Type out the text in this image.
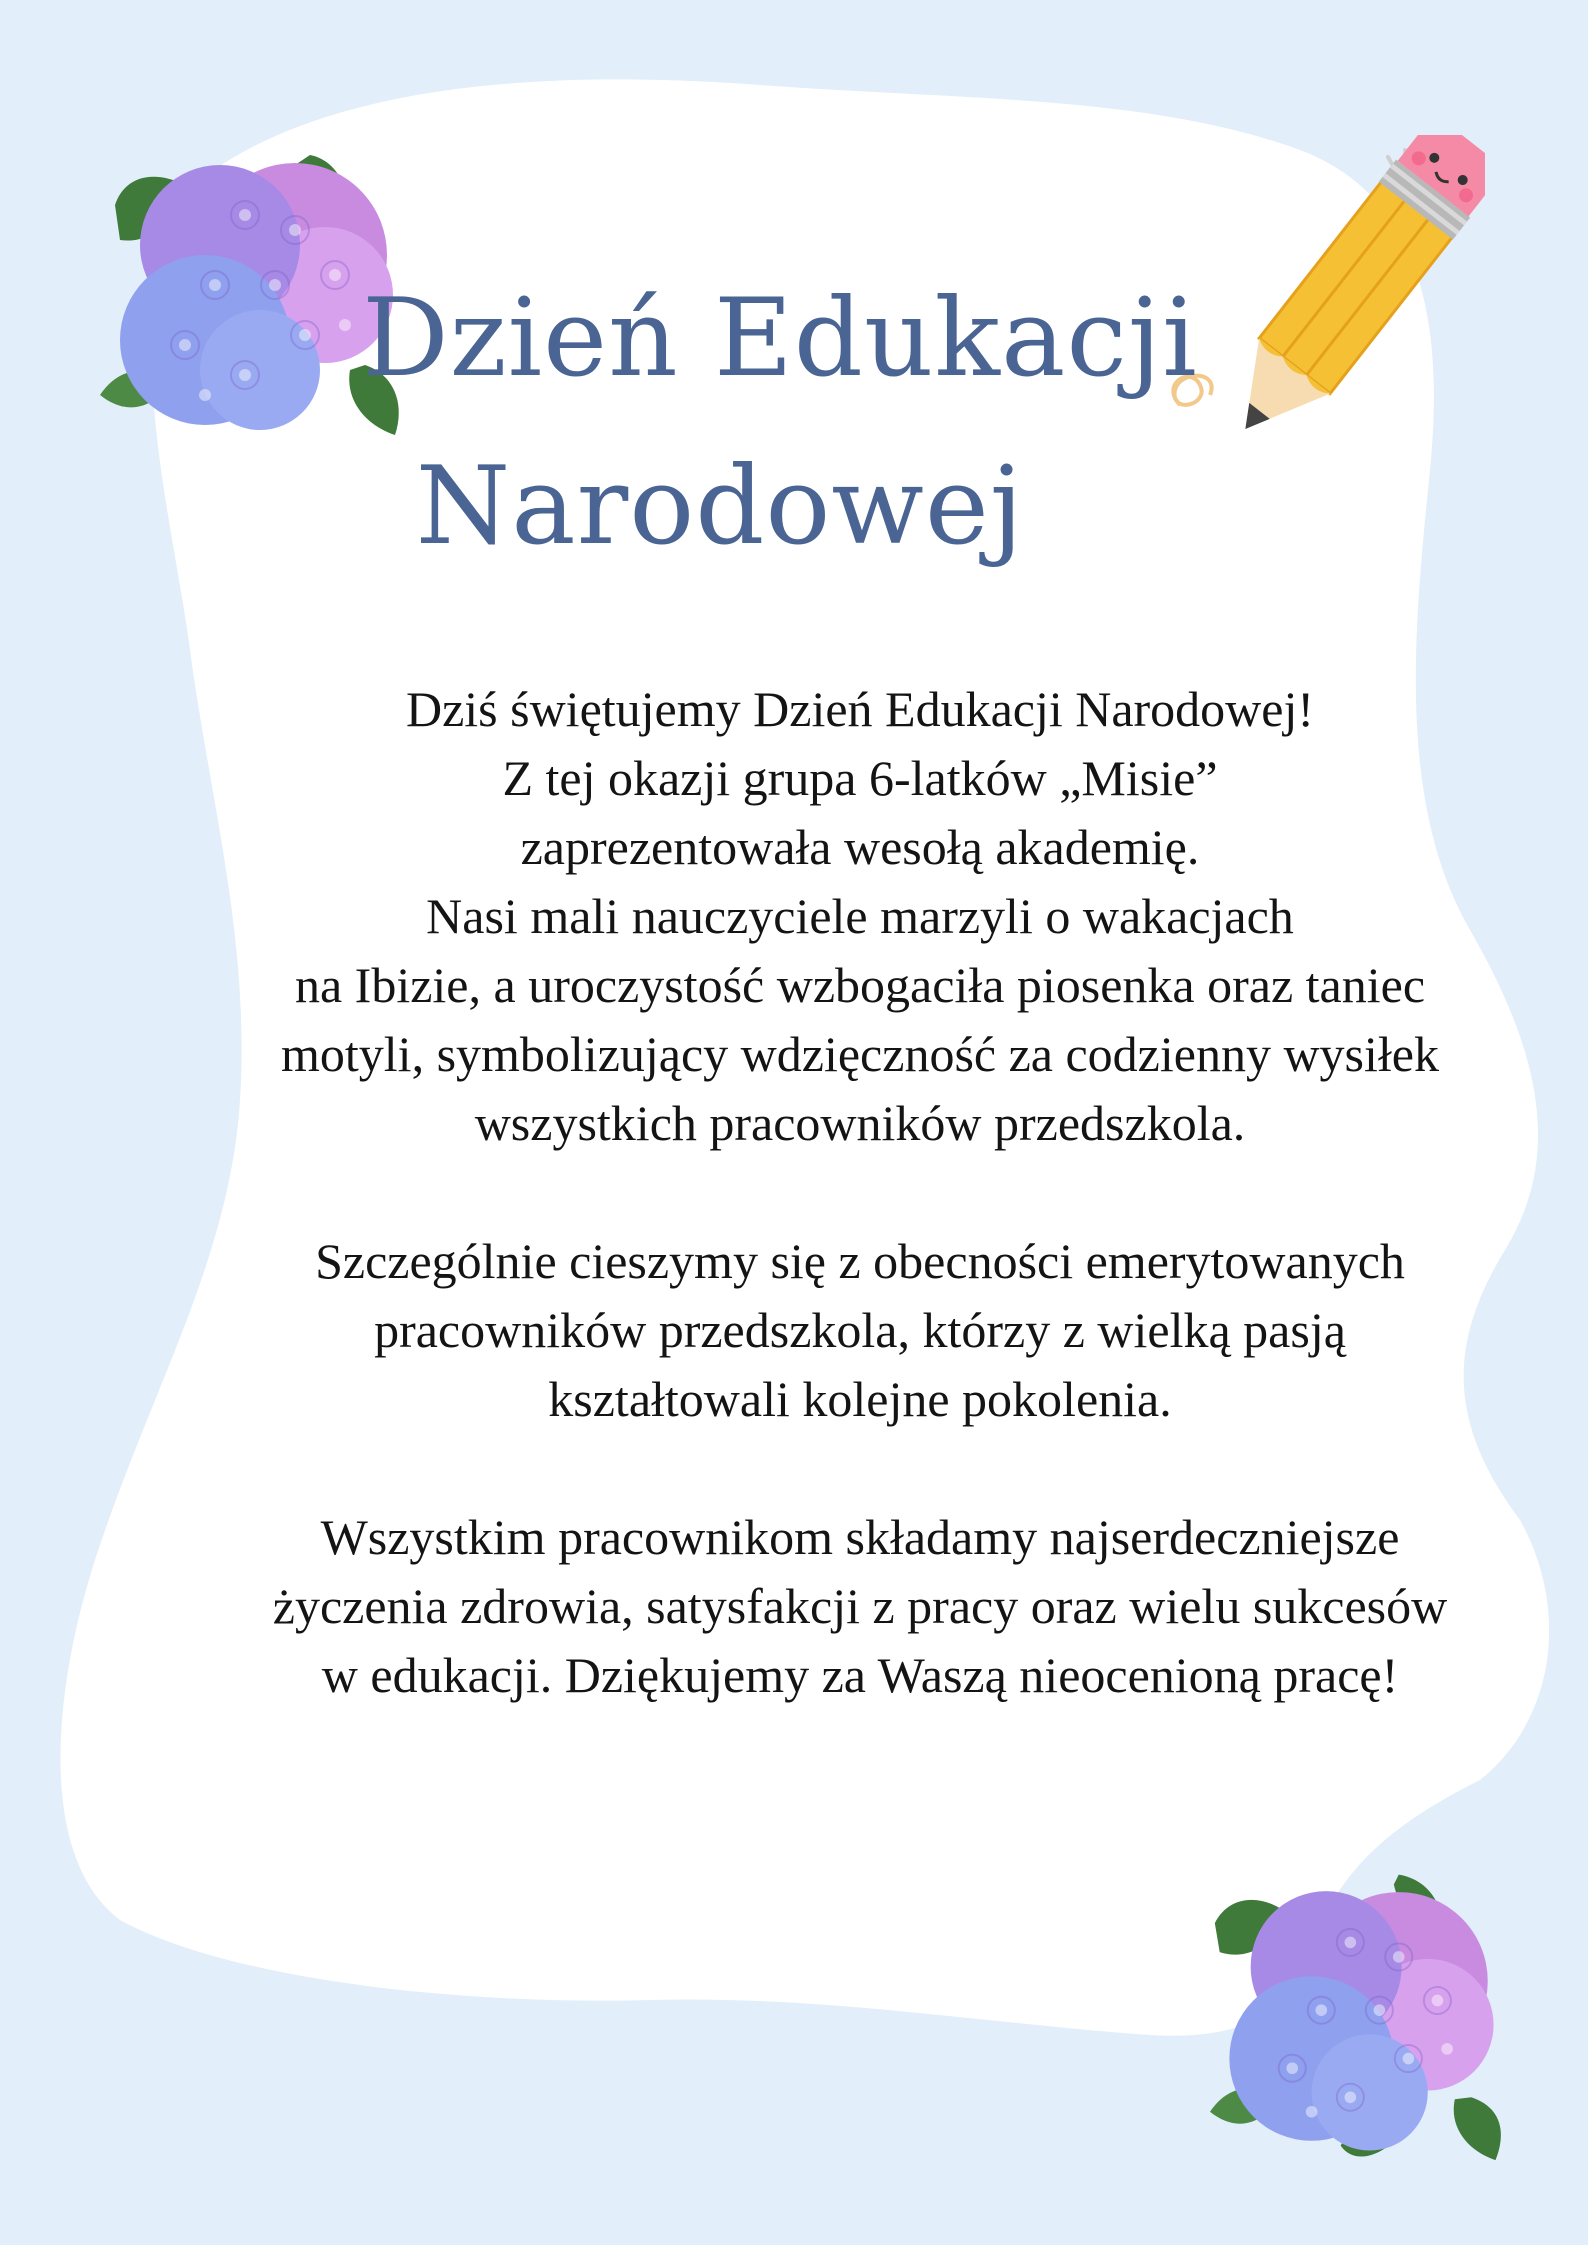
Dzień Edukacji
Narodowej

Dziś świętujemy Dzień Edukacji Narodowej!
Z tej okazji grupa 6-latków „Misie”
zaprezentowała wesołą akademię.
Nasi mali nauczyciele marzyli o wakacjach
na Ibizie, a uroczystość wzbogaciła piosenka oraz taniec
motyli, symbolizujący wdzięczność za codzienny wysiłek
wszystkich pracowników przedszkola.

Szczególnie cieszymy się z obecności emerytowanych
pracowników przedszkola, którzy z wielką pasją
kształtowali kolejne pokolenia.

Wszystkim pracownikom składamy najserdeczniejsze
życzenia zdrowia, satysfakcji z pracy oraz wielu sukcesów
w edukacji. Dziękujemy za Waszą nieocenioną pracę!
